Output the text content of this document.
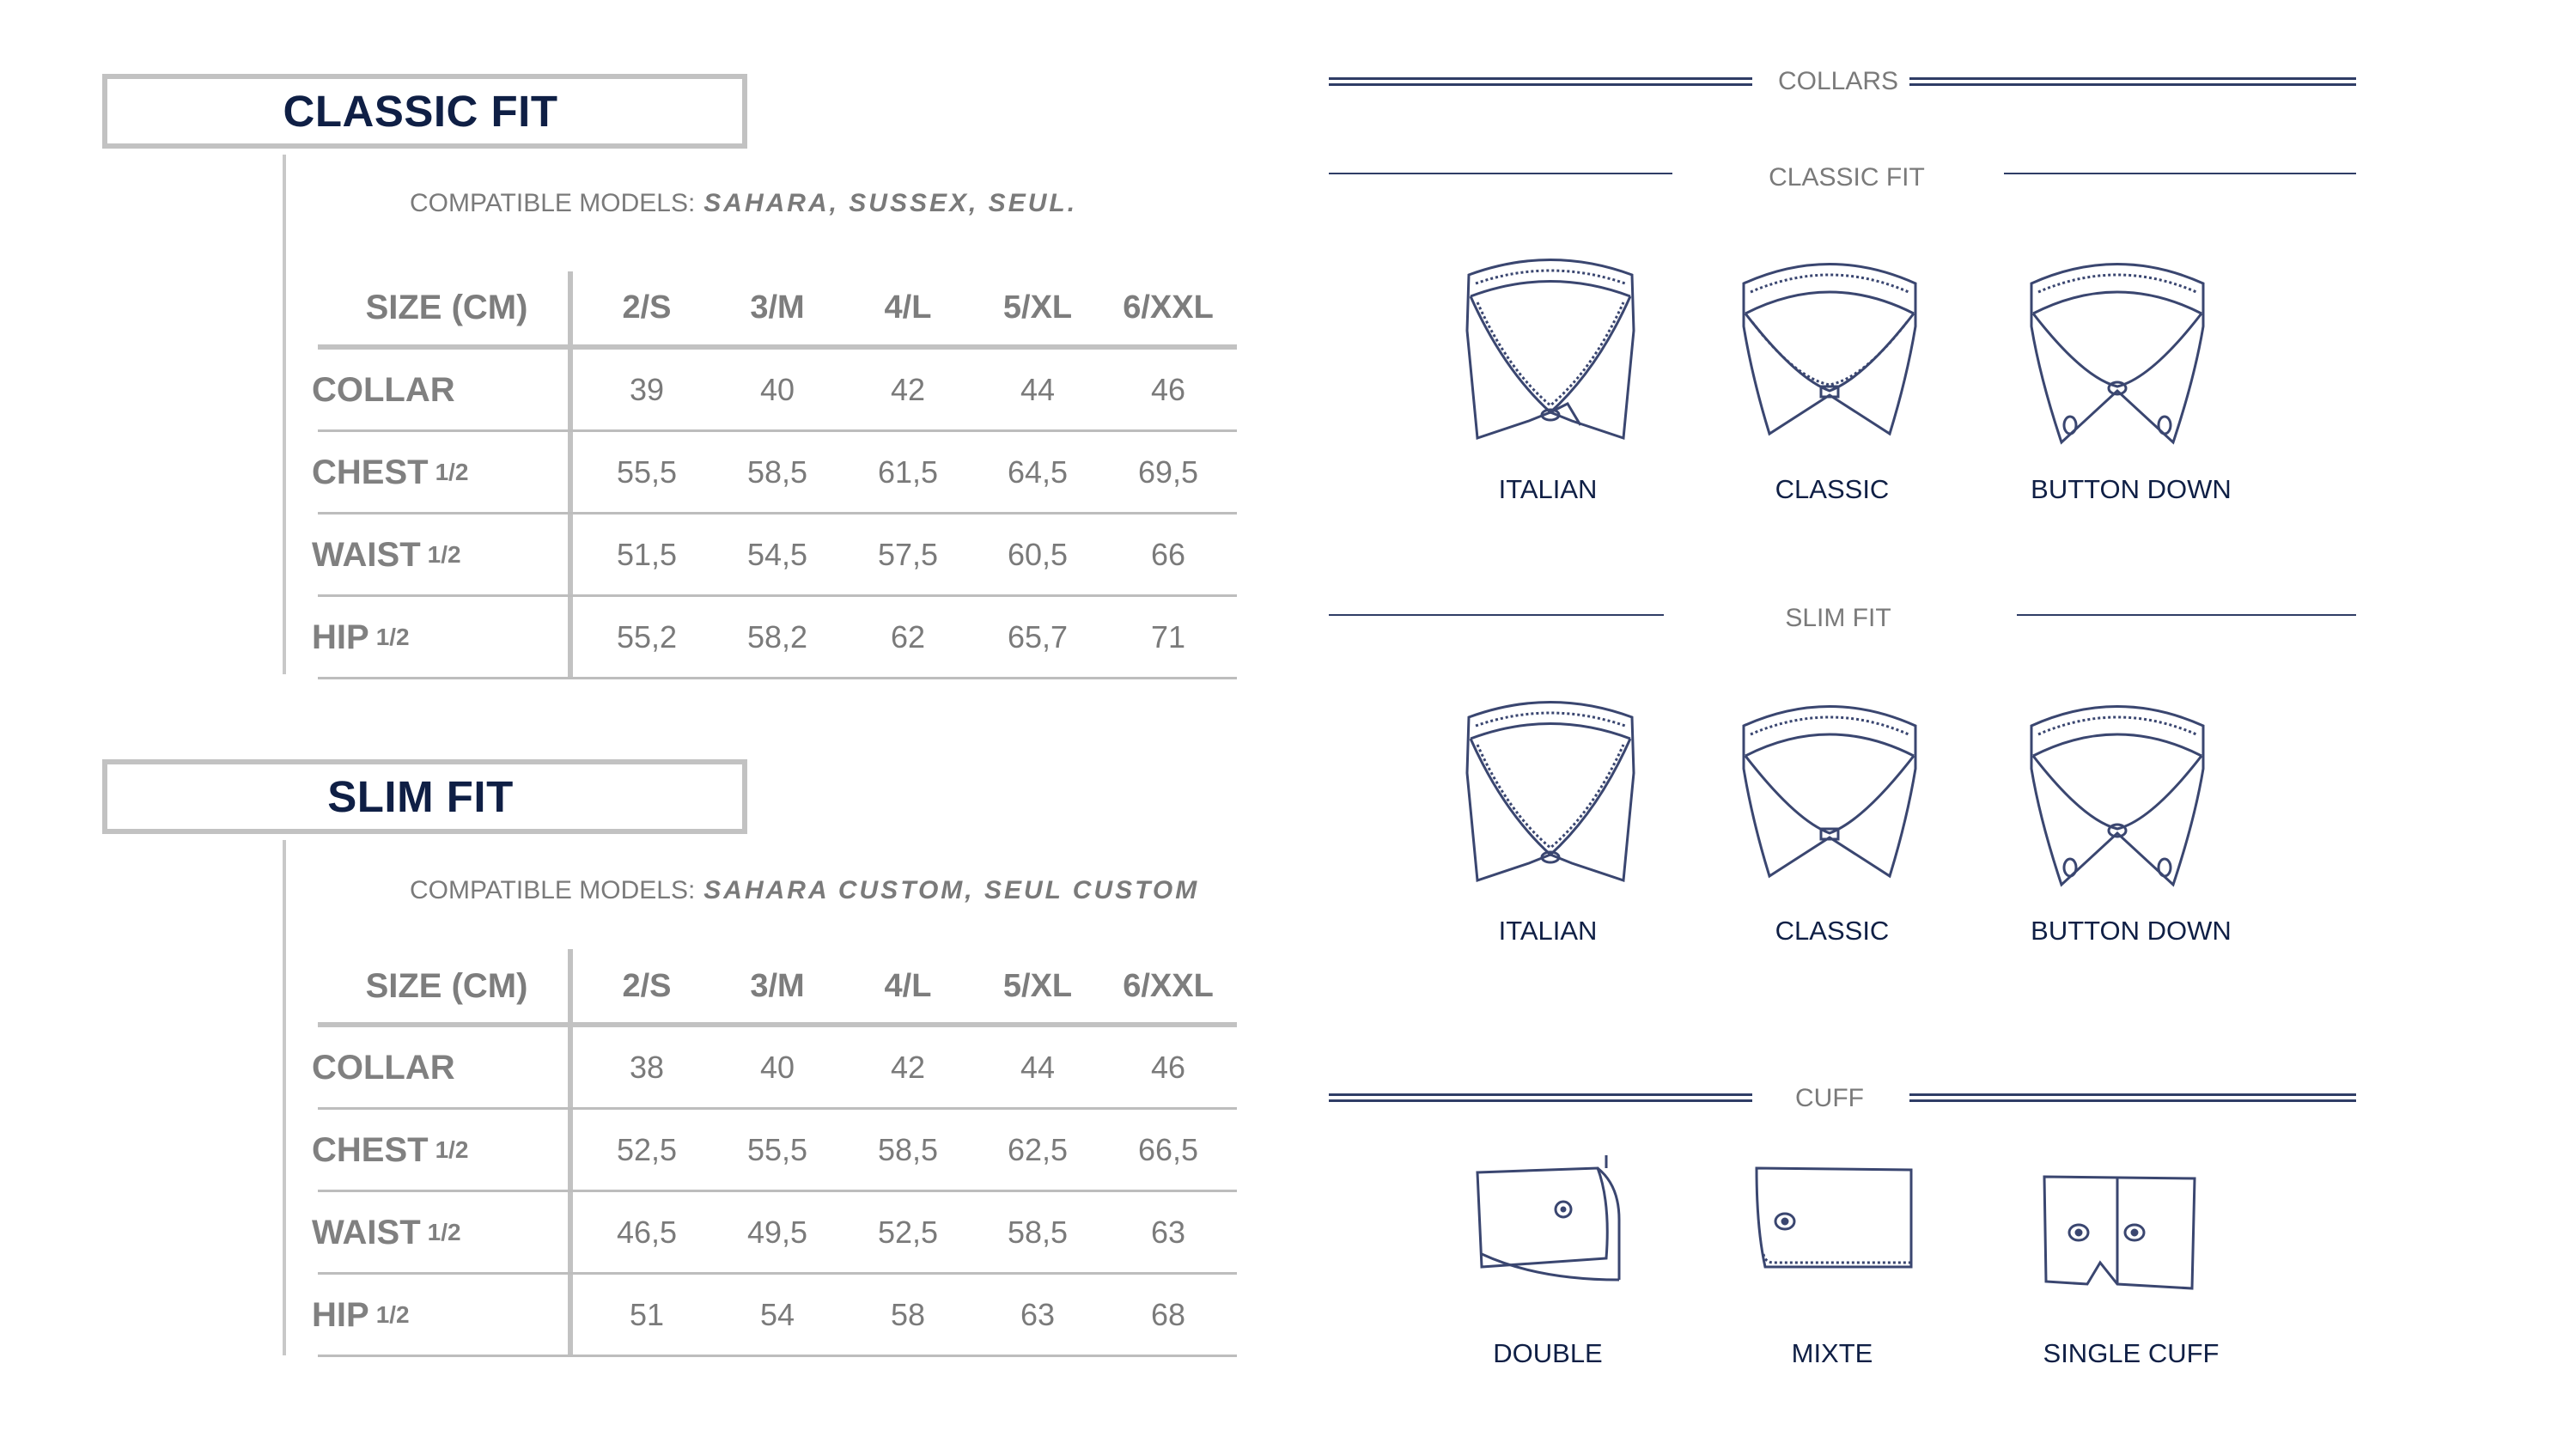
CLASSIC FIT
COMPATIBLE MODELS: SAHARA, SUSSEX, SEUL.
SIZE (CM)	2/S	3/M	4/L	5/XL	6/XXL
COLLAR	39	40	42	44	46
CHEST 1/2	55,5	58,5	61,5	64,5	69,5
WAIST 1/2	51,5	54,5	57,5	60,5	66
HIP 1/2	55,2	58,2	62	65,7	71
SLIM FIT
COMPATIBLE MODELS: SAHARA CUSTOM, SEUL CUSTOM
SIZE (CM)	2/S	3/M	4/L	5/XL	6/XXL
COLLAR	38	40	42	44	46
CHEST 1/2	52,5	55,5	58,5	62,5	66,5
WAIST 1/2	46,5	49,5	52,5	58,5	63
HIP 1/2	51	54	58	63	68
COLLARS
CLASSIC FIT
ITALIAN	CLASSIC	BUTTON DOWN
SLIM FIT
ITALIAN	CLASSIC	BUTTON DOWN
CUFF
DOUBLE	MIXTE	SINGLE CUFF
